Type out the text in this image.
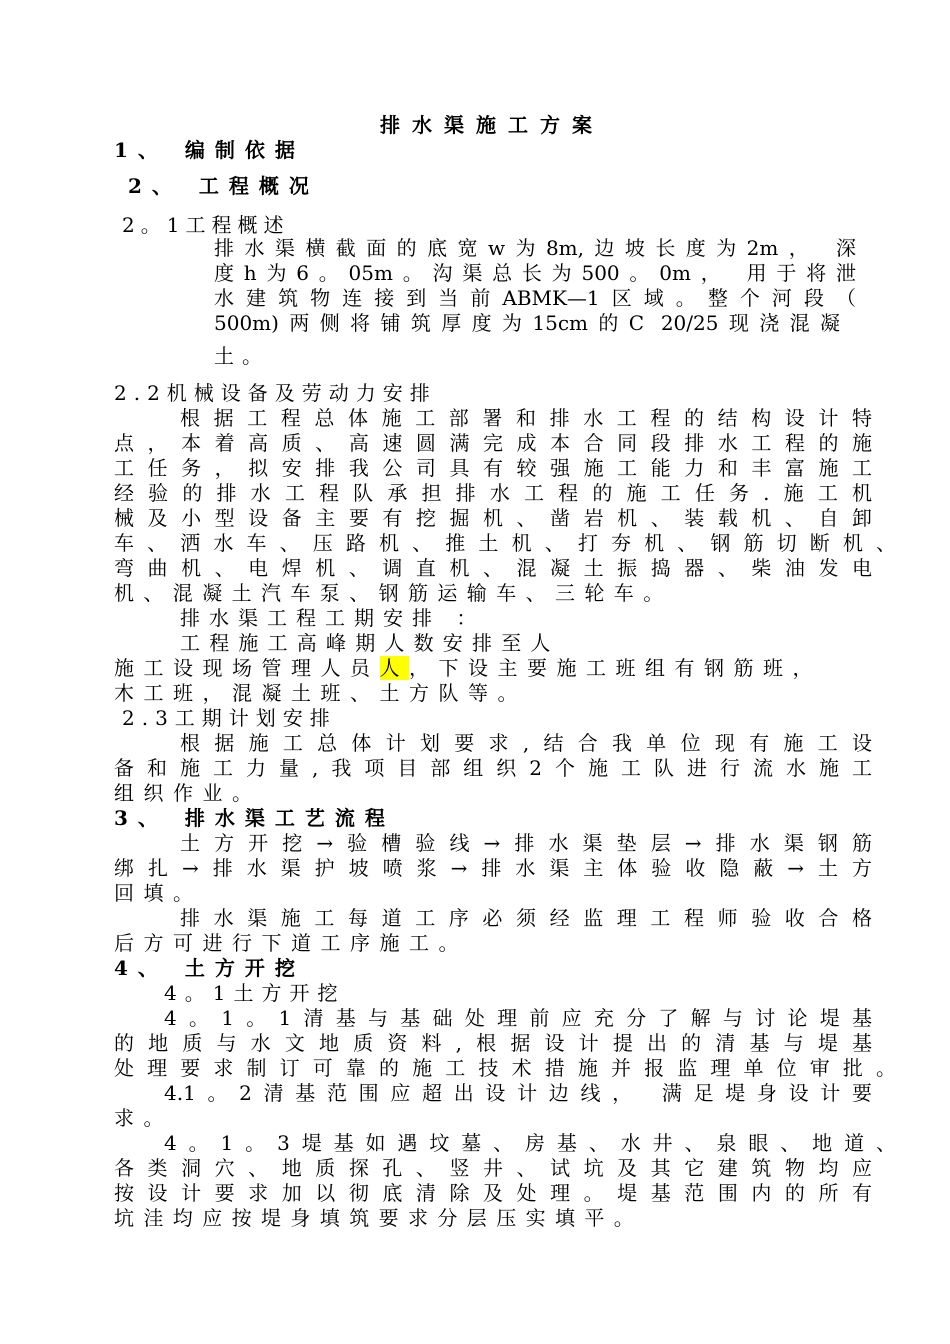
排水渠施工方案

1、 编制依据

2、 工程概况

2。1工程概述

排水渠横截面的底宽w为8m,边坡长度为2m， 深

度h为6。05m。沟渠总长为500。0m， 用于将泄

水建筑物连接到当前ABMK—1区域。整个河段（

500m)两侧将铺筑厚度为15cm的C 20/25现浇混凝

土。

2.2机械设备及劳动力安排

根据工程总体施工部署和排水工程的结构设计特

点，本着高质、高速圆满完成本合同段排水工程的施

工任务，拟安排我公司具有较强施工能力和丰富施工

经验的排水工程队承担排水工程的施工任务.施工机

械及小型设备主要有挖掘机、凿岩机、装载机、自卸

车、洒水车、压路机、推土机、打夯机、钢筋切断机、

弯曲机、电焊机、调直机、混凝土振捣器、柴油发电

机、混凝土汽车泵、钢筋运输车、三轮车。

排水渠工程工期安排 ：

工程施工高峰期人数安排至人

施工设现场管理人员人，下设主要施工班组有钢筋班，

木工班，混凝土班、土方队等。

2.3工期计划安排

根据施工总体计划要求,结合我单位现有施工设

备和施工力量,我项目部组织2个施工队进行流水施工

组织作业。

3、 排水渠工艺流程

土方开挖→验槽验线→排水渠垫层→排水渠钢筋

绑扎→排水渠护坡喷浆→排水渠主体验收隐蔽→土方

回填。

排水渠施工每道工序必须经监理工程师验收合格

后方可进行下道工序施工。

4、 土方开挖

4。1土方开挖

4。1。1清基与基础处理前应充分了解与讨论堤基

的地质与水文地质资料,根据设计提出的清基与堤基

处理要求制订可靠的施工技术措施并报监理单位审批。

4.1。2清基范围应超出设计边线， 满足堤身设计要

求。

4。1。3堤基如遇坟墓、房基、水井、泉眼、地道、

各类洞穴、地质探孔、竖井、试坑及其它建筑物均应

按设计要求加以彻底清除及处理。堤基范围内的所有

坑洼均应按堤身填筑要求分层压实填平。
